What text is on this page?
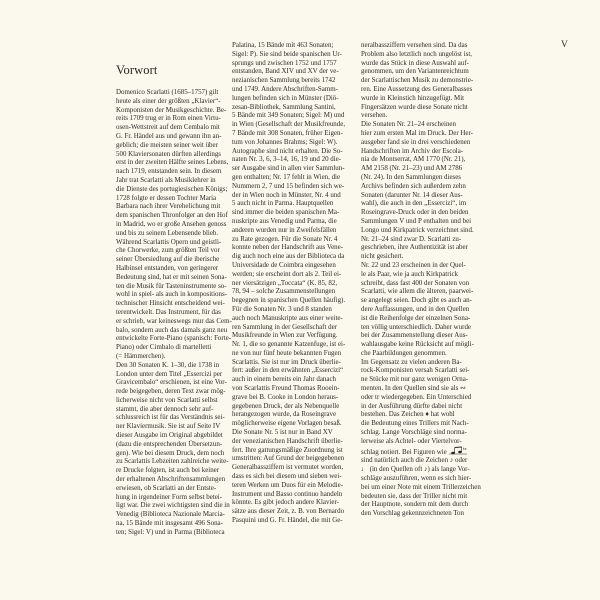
V
Vorwort
Domenico Scarlatti (1685–1757) gilt
heute als einer der größten „Klavier“-
Komponisten der Musikgeschichte. Be-
reits 1709 trug er in Rom einen Virtu-
osen-Wettstreit auf dem Cembalo mit
G. Fr. Händel aus und gewann ihn an-
geblich; die meisten seiner weit über
500 Klaviersonaten dürften allerdings
erst in der zweiten Hälfte seines Lebens,
nach 1719, entstanden sein. In diesem
Jahr trat Scarlatti als Musiklehrer in
die Dienste des portugiesischen Königs;
1728 folgte er dessen Tochter Maria
Barbara nach ihrer Verehelichung mit
dem spanischen Thronfolger an den Hof
in Madrid, wo er große Ansehen genoss
und bis zu seinem Lebensende blieb.
Während Scarlattis Opern und geistli-
che Chorwerke, zum größten Teil vor
seiner Übersiedlung auf die iberische
Halbinsel entstanden, von geringerer
Bedeutung sind, hat er mit seinen Sona-
ten die Musik für Tasteninstrumente so-
wohl in spiel- als auch in kompositions-
technischer Hinsicht entscheidend wei-
terentwickelt. Das Instrument, für das
er schrieb, war keineswegs mur das Cem-
balo, sondern auch das damals ganz neu
entwickelte Forte-Piano (spanisch: Forte-
Piano) oder Cimbalo di martelletti
(= Hämmerchen).
Den 30 Sonaten K. 1–30, die 1738 in
London unter dem Titel „Essercizi per
Gravicembalo“ erschienen, ist eine Vor-
rede beigegeben, deren Text zwar mög-
licherweise nicht von Scarlatti selbst
stammt, die aber dennoch sehr auf-
schlussreich ist für das Verständnis sei-
ner Klaviermusik. Sie ist auf Seite IV
dieser Ausgabe im Original abgebildet
(dazu die entsprechenden Übersetzun-
gen). Wie bei diesem Druck, dem noch
zu Scarlattis Lebzeiten zahlreiche weite-
re Drucke folgten, ist auch bei keiner
der erhaltenen Abschriftensammlungen
erwiesen, ob Scarlatti an der Entste-
hung in irgendeiner Form selbst betei-
ligt war. Die zwei wichtigsten sind die in
Venedig (Biblioteca Nazionale Marcia-
na, 15 Bände mit insgesamt 496 Sona-
ten; Sigel: V) und in Parma (Biblioteca
Palatina, 15 Bände mit 463 Sonaten;
Sigel: P). Sie sind beide spanischen Ur-
sprungs und zwischen 1752 und 1757
entstanden, Band XIV und XV der ve-
nezianischen Sammlung bereits 1742
und 1749. Andere Abschriften-Samm-
lungen befinden sich in Münster (Diö-
zesan-Bibliothek, Sammlung Santini,
5 Bände mit 349 Sonaten; Sigel: M) und
in Wien (Gesellschaft der Musikfreunde,
7 Bände mit 308 Sonaten, früher Eigen-
tum von Johannes Brahms; Sigel: W).
Autographe sind nicht erhalten. Die So-
naten Nr. 3, 6, 3–14, 16, 19 und 20 die-
ser Ausgabe sind in allen vier Sammlun-
gen enthalten; Nr. 17 fehlt in Wien, die
Nummern 2, 7 und 15 befinden sich we-
der in Wien noch in Münster, Nr. 4 und
5 auch nicht in Parma. Hauptquellen
sind immer die beiden spanischen Ma-
nuskripte aus Venedig und Parma, die
anderen wurden nur in Zweifelsfällen
zu Rate gezogen. Für die Sonate Nr. 4
konnte neben der Handschrift aus Vene-
dig auch noch eine aus der Biblioteca da
Universidade de Coimbra eingesehen
werden; sie erscheint dort als 2. Teil ei-
ner viersätzigen „Toccata“ (K. 85, 82,
78, 94 – solche Zusammenstellungen
begegnen in spanischen Quellen häufig).
Für die Sonaten Nr. 3 und 8 standen
auch noch Manuskripte aus einer weite-
ren Sammlung in der Gesellschaft der
Musikfreunde in Wien zur Verfügung.
Nr. 1, die so genannte Katzenfuge, ist ei-
ne von nur fünf heute bekannten Fugen
Scarlattis. Sie ist nur im Druck überlie-
fert: außer in den erwähnten „Essercizi“
auch in einem bereits ein Jahr danach
von Scarlattis Freund Thomas Rooein-
grave bei B. Cooke in London heraus-
gegebenen Druck, der als Nebenquelle
herangezogen wurde, da Roseingrave
möglicherweise eigene Vorlagen besaß.
Die Sonate Nr. 5 ist nur in Band XV
der venezianischen Handschrift überlie-
fert. Ihre gattungsmäßige Zuordnung ist
umstritten: Auf Grund der beigegebenen
Generalbassziffern ist vermutet worden,
dass es sich bei diesem und sieben wei-
teren Werken um Duos für ein Melodie-
Instrument und Basso continuo handeln
könnte. Es gibt jedoch andere Klavier-
sätze aus dieser Zeit, z. B. von Bernardo
Pasquini und G. Fr. Händel, die mit Ge-
neralbassziffern versehen sind. Da das
Problem also letztlich noch ungelöst ist,
wurde das Stück in diese Auswahl auf-
genommen, um den Variantenreichtum
der Scarlattischen Musik zu demonstrie-
ren. Eine Aussetzung des Generalbasses
wurde in Kleinstich hinzugefügt. Mit
Fingersätzen wurde diese Sonate nicht
versehen.
Die Sonaten Nr. 21–24 erscheinen
hier zum ersten Mal im Druck. Der Her-
ausgeber fand sie in drei verschiedenen
Handschriften im Archiv der Escola-
nía de Montserrat, AM 1770 (Nr. 21),
AM 2158 (Nr. 21–23) und AM 2786
(Nr. 24). In den Sammlungen dieses
Archivs befinden sich außerdem zehn
Sonaten (darunter Nr. 14 dieser Aus-
wahl), die auch in den „Essercizi“, im
Roseingrave-Druck oder in den beiden
Sammlungen V und P enthalten und bei
Longo und Kirkpatrick verzeichnet sind.
Nr. 21–24 sind zwar D. Scarlatti zu-
geschrieben, ihre Authentizität ist aber
nicht gesichert.
Nr. 22 und 23 erscheinen in der Quel-
le als Paar, wie ja auch Kirkpatrick
schreibt, dass fast 400 der Sonaten von
Scarlatti, wie allem die älteren, paarwei-
se angelegt seien. Doch gibt es auch an-
dere Auffassungen, und in den Quellen
ist die Reihenfolge der einzelnen Sona-
ten völlig unterschiedlich. Daher wurde
bei der Zusammenstellung dieser Aus-
wahlausgabe keine Rücksicht auf mögli-
che Paarbildungen genommen.
Im Gegensatz zu vielen anderen Ba-
rock-Komponisten versah Scarlatti sei-
ne Stücke mit nur ganz wenigen Orna-
menten. In den Quellen sind sie als ∾
oder tr wiedergegeben. Ein Unterschied
in der Ausführung dürfte dabei nicht
bestehen. Das Zeichen ♦ hat wohl
die Bedeutung eines Trillers mit Nach-
schlag. Lange Vorschläge sind norma-
lerweise als Achtel- oder Viertelvor-
schlag notiert. Bei Figuren wie	tr
sind natürlich auch die Zeichen ♪ oder
♩ (in den Quellen oft ♪) als lange Vor-
schläge auszuführen, wenn es sich hier-
bei um einer Note mit einem Trillerzeichen
bedeuten sie, dass der Triller nicht mit
der Hauptnote, sondern mit dem durch
den Vorschlag gekennzeichneten Ton
